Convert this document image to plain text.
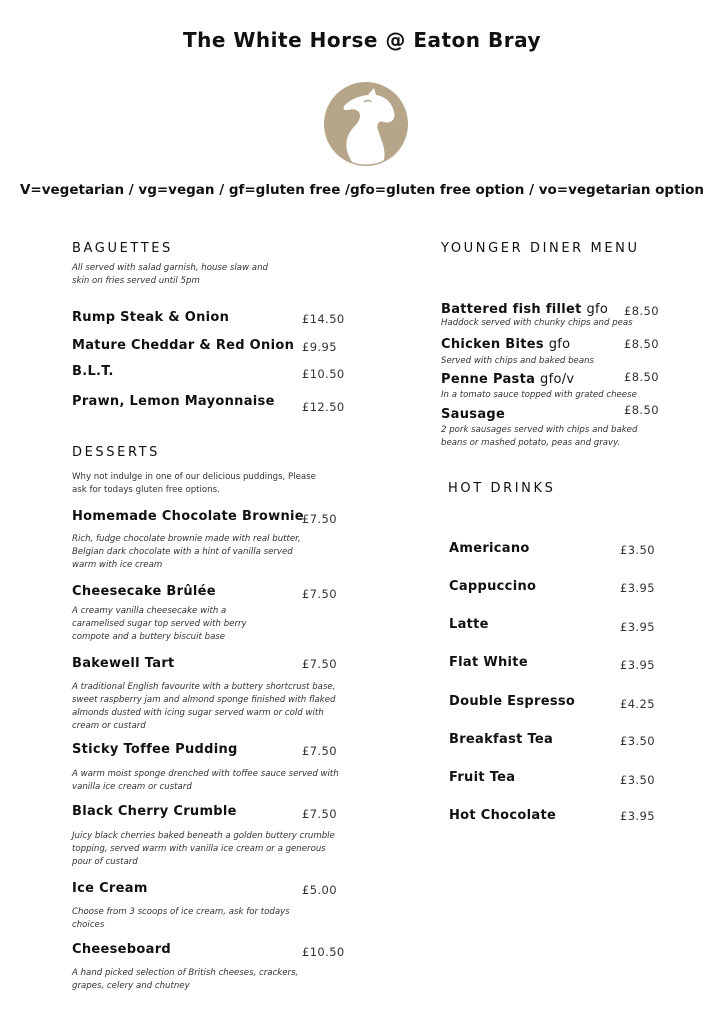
The White Horse @ Eaton Bray
V=vegetarian / vg=vegan / gf=gluten free /gfo=gluten free option / vo=vegetarian option
BAGUETTES
All served with salad garnish, house slaw and skin on fries served until 5pm
Rump Steak & Onion	£14.50
Mature Cheddar & Red Onion £9.95
B.L.T.	£10.50
Prawn, Lemon Mayonnaise £12.50
DESSERTS
Why not indulge in one of our delicious puddings, Please ask for todays gluten free options.
Homemade Chocolate Brownie
£7.50
Rich, fudge chocolate brownie made with real butter, Belgian dark chocolate with a hint of vanilla served warm with ice cream
Cheesecake Brûlée	£7.50
A creamy vanilla cheesecake with a caramelised sugar top served with berry compote and a buttery biscuit base
Bakewell Tart	£7.50
A traditional English favourite with a buttery shortcrust base, sweet raspberry jam and almond sponge finished with flaked almonds dusted with icing sugar served warm or cold with cream or custard
Sticky Toffee Pudding	£7.50
A warm moist sponge drenched with toffee sauce served with vanilla ice cream or custard
Black Cherry Crumble	£7.50
Juicy black cherries baked beneath a golden buttery crumble topping, served warm with vanilla ice cream or a generous pour of custard
Ice Cream	£5.00
Choose from 3 scoops of ice cream, ask for todays choices
Cheeseboard	£10.50
A hand picked selection of British cheeses, crackers, grapes, celery and chutney
YOUNGER DINER MENU
Battered fish fillet gfo £8.50
Haddock served with chunky chips and peas
Chicken Bites gfo	£8.50
Served with chips and baked beans
Penne Pasta gfo/v	£8.50
In a tomato sauce topped with grated cheese
Sausage	£8.50
2 pork sausages served with chips and baked beans or mashed potato, peas and gravy.
HOT DRINKS
Americano	£3.50
Cappuccino	£3.95
Latte	£3.95
Flat White	£3.95
Double Espresso	£4.25
Breakfast Tea	£3.50
Fruit Tea	£3.50
Hot Chocolate	£3.95
